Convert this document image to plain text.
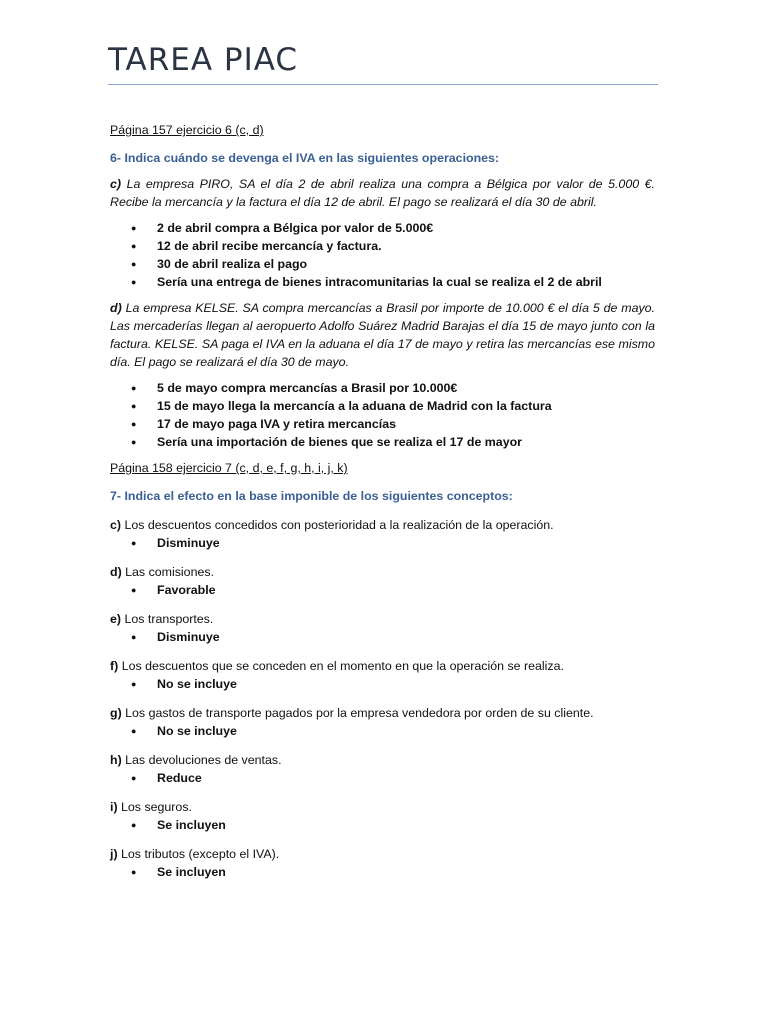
TAREA PIAC
Página 157 ejercicio 6 (c, d)
6- Indica cuándo se devenga el IVA en las siguientes operaciones:
c) La empresa PIRO, SA el día 2 de abril realiza una compra a Bélgica por valor de 5.000 €. Recibe la mercancía y la factura el día 12 de abril. El pago se realizará el día 30 de abril.
● 2 de abril compra a Bélgica por valor de 5.000€
● 12 de abril recibe mercancía y factura.
● 30 de abril realiza el pago
● Sería una entrega de bienes intracomunitarias la cual se realiza el 2 de abril
d) La empresa KELSE. SA compra mercancías a Brasil por importe de 10.000 € el día 5 de mayo. Las mercaderías llegan al aeropuerto Adolfo Suárez Madrid Barajas el día 15 de mayo junto con la factura. KELSE. SA paga el IVA en la aduana el día 17 de mayo y retira las mercancías ese mismo día. El pago se realizará el día 30 de mayo.
● 5 de mayo compra mercancías a Brasil por 10.000€
● 15 de mayo llega la mercancía a la aduana de Madrid con la factura
● 17 de mayo paga IVA y retira mercancías
● Sería una importación de bienes que se realiza el 17 de mayor
Página 158 ejercicio 7 (c, d, e, f, g, h, i, j, k)
7- Indica el efecto en la base imponible de los siguientes conceptos:
c) Los descuentos concedidos con posterioridad a la realización de la operación.
● Disminuye
d) Las comisiones.
● Favorable
e) Los transportes.
● Disminuye
f) Los descuentos que se conceden en el momento en que la operación se realiza.
● No se incluye
g) Los gastos de transporte pagados por la empresa vendedora por orden de su cliente.
● No se incluye
h) Las devoluciones de ventas.
● Reduce
i) Los seguros.
● Se incluyen
j) Los tributos (excepto el IVA).
● Se incluyen
